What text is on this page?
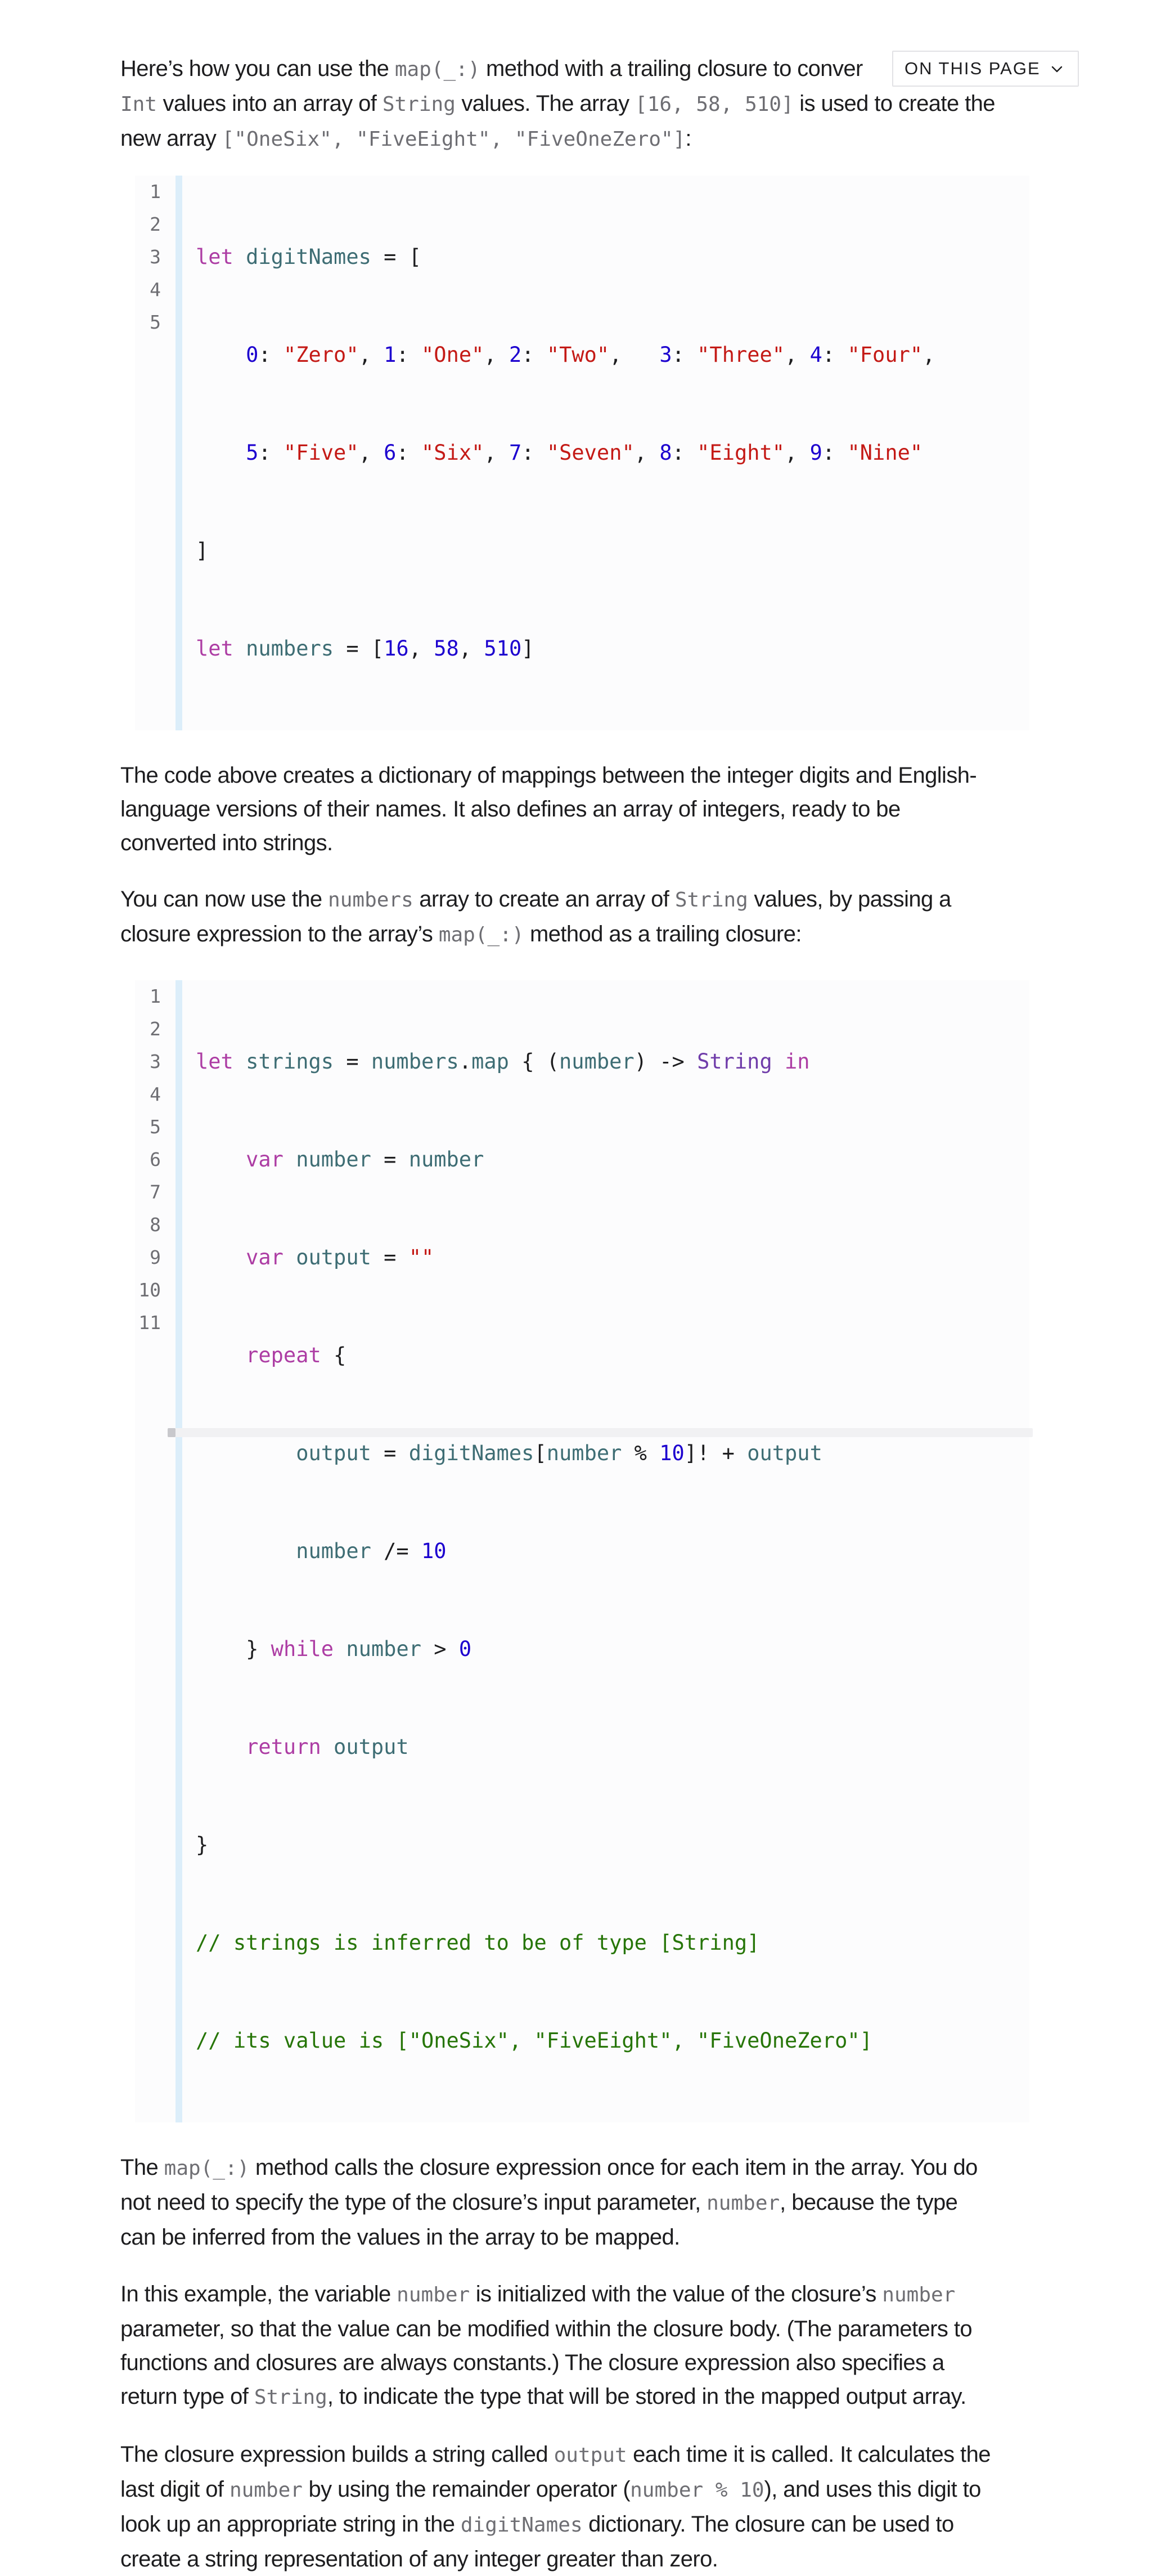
Here’s how you can use the map(_:) method with a trailing closure to conver
Int values into an array of String values. The array [16, 58, 510] is used to create the
new array ["OneSix", "FiveEight", "FiveOneZero"]:

1
2
3
4
5

let digitNames = [

0: "Zero", 1: "One", 2: "Two",   3: "Three", 4: "Four",

5: "Five", 6: "Six", 7: "Seven", 8: "Eight", 9: "Nine"

]

let numbers = [16, 58, 510]

The code above creates a dictionary of mappings between the integer digits and English-
language versions of their names. It also defines an array of integers, ready to be
converted into strings.

You can now use the numbers array to create an array of String values, by passing a
closure expression to the array’s map(_:) method as a trailing closure:

1
2
3
4
5
6
7
8
9
10
11

let strings = numbers.map { (number) -> String in

var number = number

var output = ""

repeat {

output = digitNames[number % 10]! + output

number /= 10

} while number > 0

return output

}

// strings is inferred to be of type [String]

// its value is ["OneSix", "FiveEight", "FiveOneZero"]

The map(_:) method calls the closure expression once for each item in the array. You do
not need to specify the type of the closure’s input parameter, number, because the type
can be inferred from the values in the array to be mapped.

In this example, the variable number is initialized with the value of the closure’s number
parameter, so that the value can be modified within the closure body. (The parameters to
functions and closures are always constants.) The closure expression also specifies a
return type of String, to indicate the type that will be stored in the mapped output array.

The closure expression builds a string called output each time it is called. It calculates the
last digit of number by using the remainder operator (number % 10), and uses this digit to
look up an appropriate string in the digitNames dictionary. The closure can be used to
create a string representation of any integer greater than zero.

ON THIS PAGE
